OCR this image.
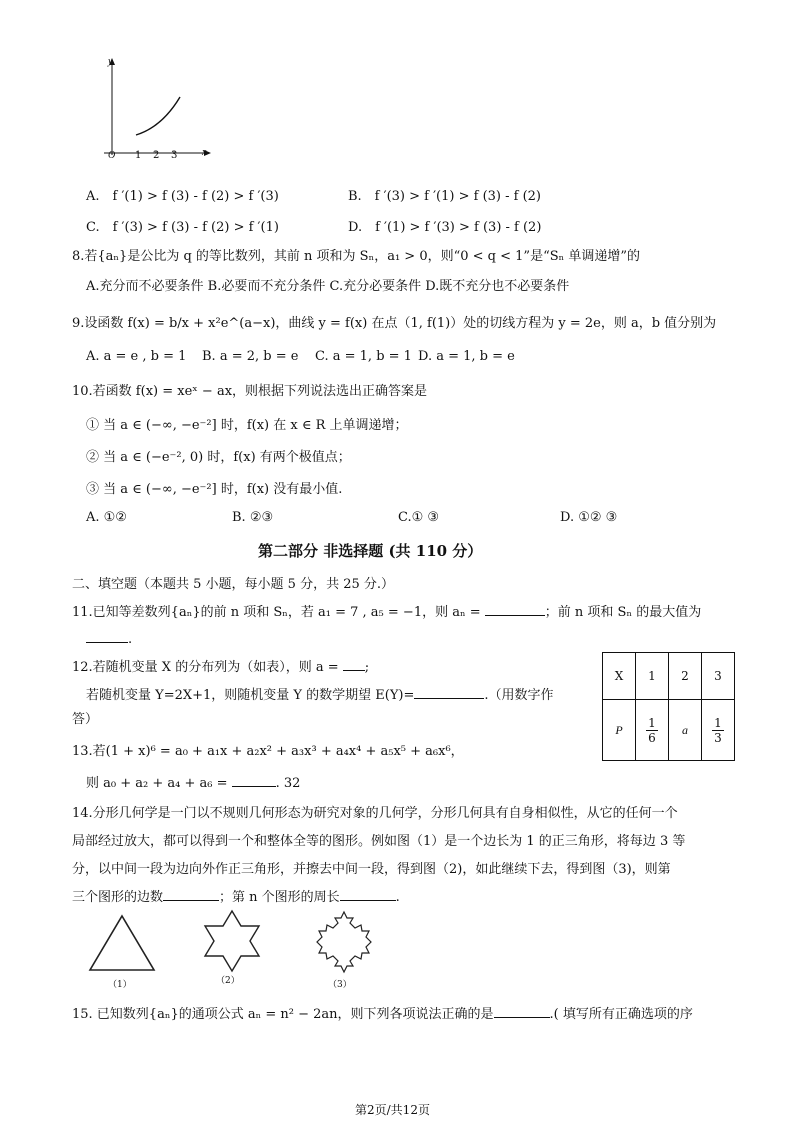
y
x
O 1 2 3
A.　f ′(1) > f (3) - f (2) > f ′(3)	B.　f ′(3) > f ′(1) > f (3) - f (2)
C.　f ′(3) > f (3) - f (2) > f ′(1)	D.　f ′(1) > f ′(3) > f (3) - f (2)
8.若{aₙ}是公比为 q 的等比数列，其前 n 项和为 Sₙ，a₁ > 0，则“0 < q < 1”是“Sₙ 单调递增”的
A.充分而不必要条件 B.必要而不充分条件 C.充分必要条件 D.既不充分也不必要条件
9.设函数 f(x) = b/x + x²e^(a−x)，曲线 y = f(x) 在点（1, f(1)）处的切线方程为 y = 2e，则 a，b 值分别为
A. a = e , b = 1 B. a = 2, b = e C. a = 1, b = 1 D. a = 1, b = e
10.若函数 f(x) = xeˣ − ax，则根据下列说法选出正确答案是
① 当 a ∈ (−∞, −e⁻²] 时，f(x) 在 x ∈ R 上单调递增；
② 当 a ∈ (−e⁻², 0) 时，f(x) 有两个极值点；
③ 当 a ∈ (−∞, −e⁻²] 时，f(x) 没有最小值.
A. ①②	B. ②③	C.① ③	D. ①② ③
第二部分 非选择题 (共 110 分）
二、填空题（本题共 5 小题，每小题 5 分，共 25 分.）
11.已知等差数列{aₙ}的前 n 项和 Sₙ，若 a₁ = 7 , a₅ = −1，则 aₙ =	；前 n 项和 Sₙ 的最大值为
.
12.若随机变量 X 的分布列为（如表），则 a = ;
若随机变量 Y=2X+1，则随机变量 Y 的数学期望 E(Y)=	.（用数字作
答）
X	1	2	3
P	$\frac{1}{6}$	a	$\frac{1}{3}$
13.若(1 + x)⁶ = a₀ + a₁x + a₂x² + a₃x³ + a₄x⁴ + a₅x⁵ + a₆x⁶，
则 a₀ + a₂ + a₄ + a₆ =	. 32
14.分形几何学是一门以不规则几何形态为研究对象的几何学，分形几何具有自身相似性，从它的任何一个
局部经过放大，都可以得到一个和整体全等的图形。例如图（1）是一个边长为 1 的正三角形，将每边 3 等
分，以中间一段为边向外作正三角形，并擦去中间一段，得到图（2)，如此继续下去，得到图（3)，则第
三个图形的边数	；第 n 个图形的周长	.
（1）	（2）	（3）
15. 已知数列{aₙ}的通项公式 aₙ = n² − 2an，则下列各项说法正确的是	.( 填写所有正确选项的序
第2页/共12页
